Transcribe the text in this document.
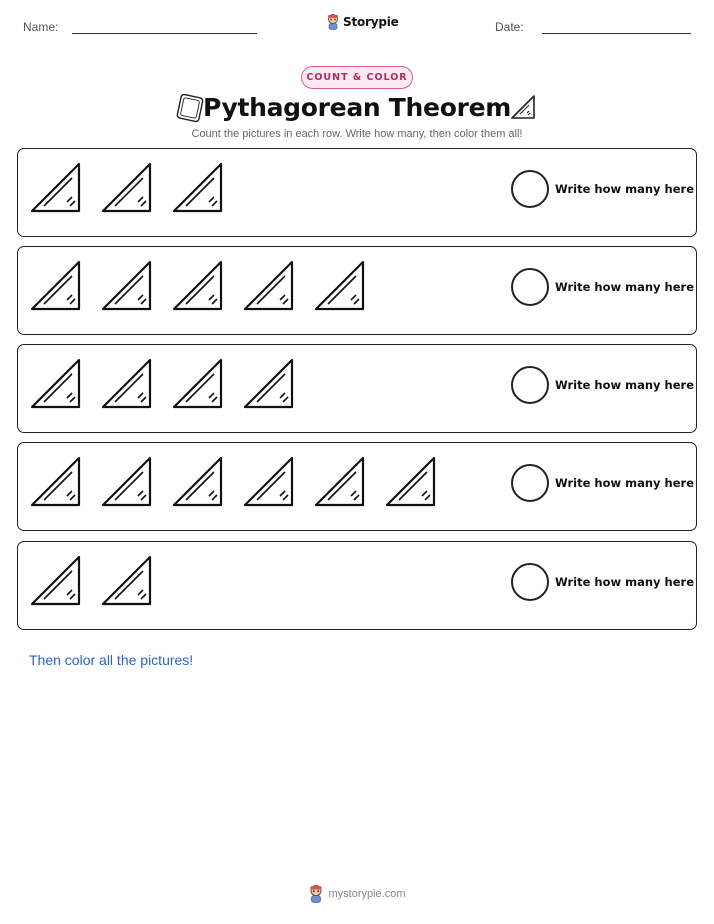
Name:	Storypie	Date:
COUNT & COLOR
Pythagorean Theorem
Count the pictures in each row. Write how many, then color them all!
Write how many here
Write how many here
Write how many here
Write how many here
Write how many here
Then color all the pictures!
mystorypie.com
